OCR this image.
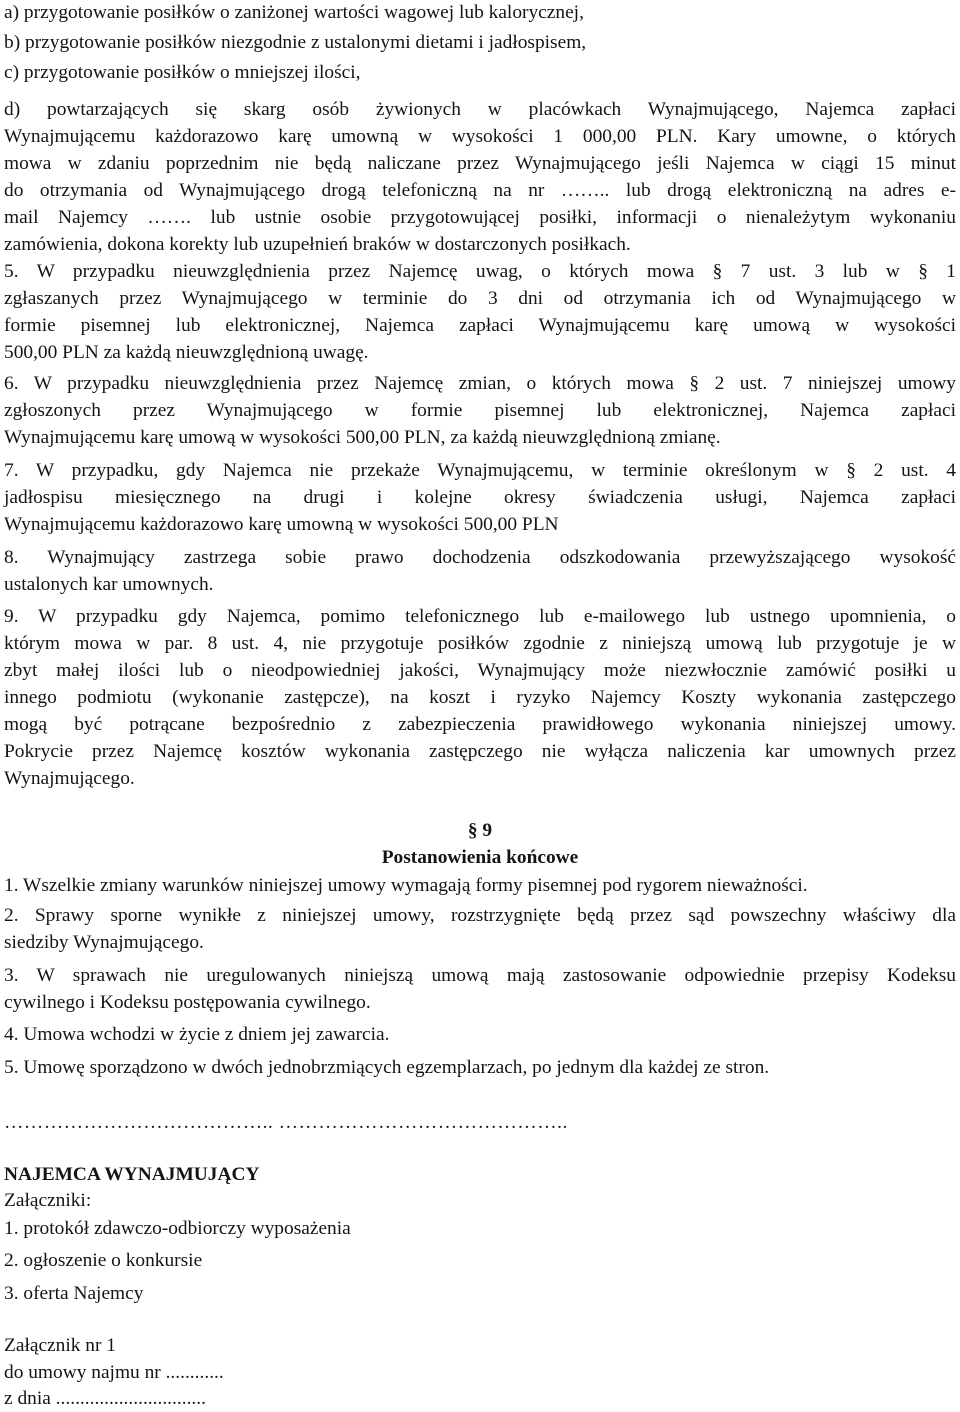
a) przygotowanie posiłków o zaniżonej wartości wagowej lub kalorycznej,
b) przygotowanie posiłków niezgodnie z ustalonymi dietami i jadłospisem,
c) przygotowanie posiłków o mniejszej ilości,
d) powtarzających się skarg osób żywionych w placówkach Wynajmującego, Najemca zapłaci
Wynajmującemu każdorazowo karę umowną w wysokości 1 000,00 PLN. Kary umowne, o których
mowa w zdaniu poprzednim nie będą naliczane przez Wynajmującego jeśli Najemca w ciągi 15 minut
do otrzymania od Wynajmującego drogą telefoniczną na nr …….. lub drogą elektroniczną na adres e-
mail Najemcy ……. lub ustnie osobie przygotowującej posiłki, informacji o nienależytym wykonaniu
zamówienia, dokona korekty lub uzupełnień braków w dostarczonych posiłkach.
5. W przypadku nieuwzględnienia przez Najemcę uwag, o których mowa § 7 ust. 3 lub w § 1
zgłaszanych przez Wynajmującego w terminie do 3 dni od otrzymania ich od Wynajmującego w
formie pisemnej lub elektronicznej, Najemca zapłaci Wynajmującemu karę umową w wysokości
500,00 PLN za każdą nieuwzględnioną uwagę.
6. W przypadku nieuwzględnienia przez Najemcę zmian, o których mowa § 2 ust. 7 niniejszej umowy
zgłoszonych przez Wynajmującego w formie pisemnej lub elektronicznej, Najemca zapłaci
Wynajmującemu karę umową w wysokości 500,00 PLN, za każdą nieuwzględnioną zmianę.
7. W przypadku, gdy Najemca nie przekaże Wynajmującemu, w terminie określonym w § 2 ust. 4
jadłospisu miesięcznego na drugi i kolejne okresy świadczenia usługi, Najemca zapłaci
Wynajmującemu każdorazowo karę umowną w wysokości 500,00 PLN
8. Wynajmujący zastrzega sobie prawo dochodzenia odszkodowania przewyższającego wysokość
ustalonych kar umownych.
9. W przypadku gdy Najemca, pomimo telefonicznego lub e-mailowego lub ustnego upomnienia, o
którym mowa w par. 8 ust. 4, nie przygotuje posiłków zgodnie z niniejszą umową lub przygotuje je w
zbyt małej ilości lub o nieodpowiedniej jakości, Wynajmujący może niezwłocznie zamówić posiłki u
innego podmiotu (wykonanie zastępcze), na koszt i ryzyko Najemcy Koszty wykonania zastępczego
mogą być potrącane bezpośrednio z zabezpieczenia prawidłowego wykonania niniejszej umowy.
Pokrycie przez Najemcę kosztów wykonania zastępczego nie wyłącza naliczenia kar umownych przez
Wynajmującego.
§ 9
Postanowienia końcowe
1. Wszelkie zmiany warunków niniejszej umowy wymagają formy pisemnej pod rygorem nieważności.
2. Sprawy sporne wynikłe z niniejszej umowy, rozstrzygnięte będą przez sąd powszechny właściwy dla
siedziby Wynajmującego.
3. W sprawach nie uregulowanych niniejszą umową mają zastosowanie odpowiednie przepisy Kodeksu
cywilnego i Kodeksu postępowania cywilnego.
4. Umowa wchodzi w życie z dniem jej zawarcia.
5. Umowę sporządzono w dwóch jednobrzmiących egzemplarzach, po jednym dla każdej ze stron.
………………………………….. ……………………………………..
NAJEMCA WYNAJMUJĄCY
Załączniki:
1. protokół zdawczo-odbiorczy wyposażenia
2. ogłoszenie o konkursie
3. oferta Najemcy
Załącznik nr 1
do umowy najmu nr ............
z dnia ...............................
